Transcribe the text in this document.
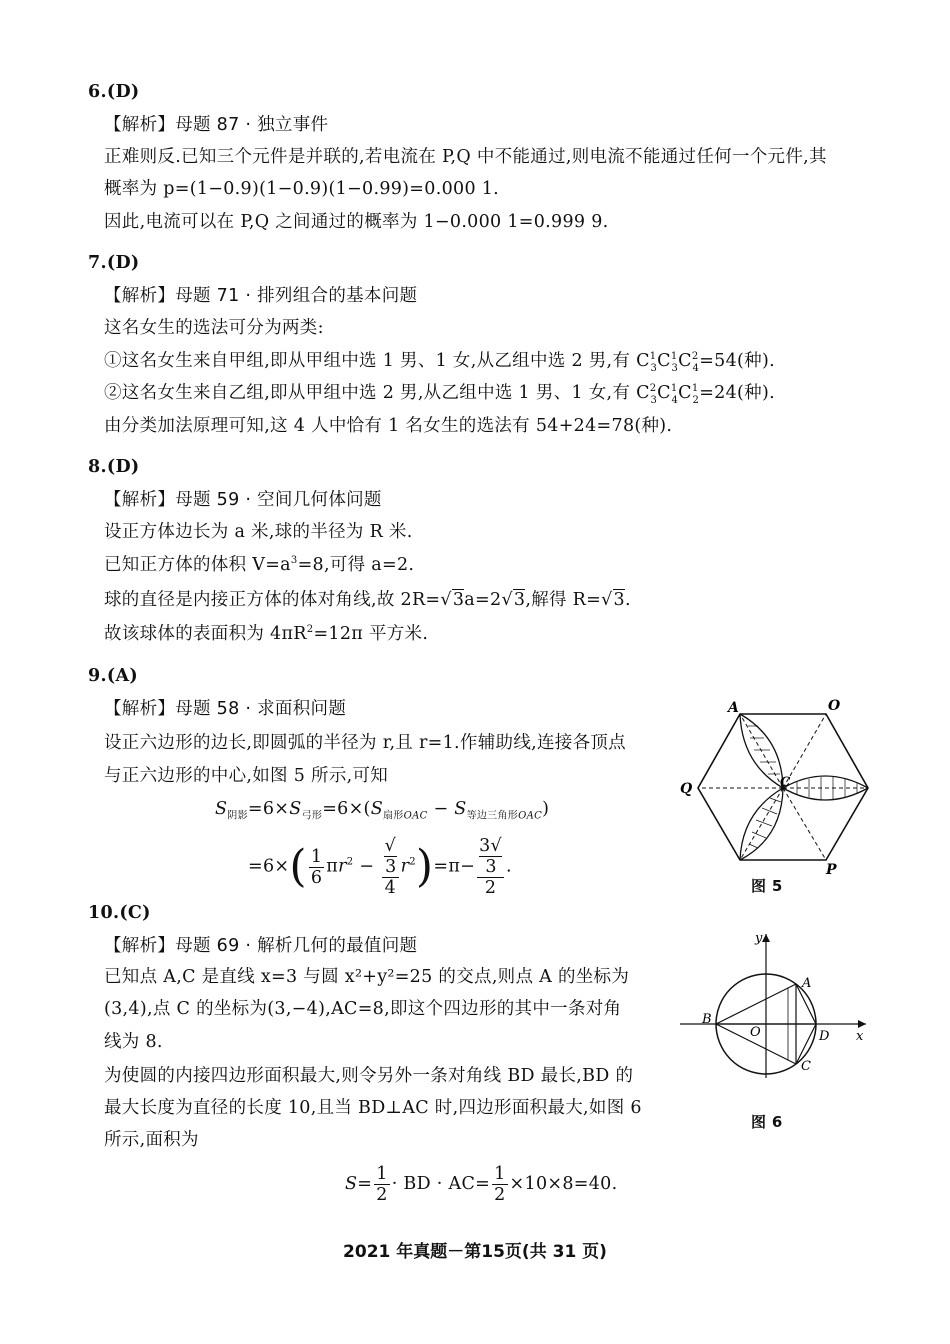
6.(D)
【解析】母题 87 · 独立事件
正难则反.已知三个元件是并联的,若电流在 P,Q 中不能通过,则电流不能通过任何一个元件,其
概率为 p=(1−0.9)(1−0.9)(1−0.99)=0.000 1.
因此,电流可以在 P,Q 之间通过的概率为 1−0.000 1=0.999 9.
7.(D)
【解析】母题 71 · 排列组合的基本问题
这名女生的选法可分为两类:
①这名女生来自甲组,即从甲组中选 1 男、1 女,从乙组中选 2 男,有 $C^1_3C^1_3C^2_4=54$(种).
②这名女生来自乙组,即从甲组中选 2 男,从乙组中选 1 男、1 女,有 $C^2_3C^1_4C^1_2=24$(种).
由分类加法原理可知,这 4 人中恰有 1 名女生的选法有 54+24=78(种).
8.(D)
【解析】母题 59 · 空间几何体问题
设正方体边长为 a 米,球的半径为 R 米.
已知正方体的体积 $V=a^3=8$,可得 a=2.
球的直径是内接正方体的体对角线,故 2R=√3a=2√3,解得 R=√3.
故该球体的表面积为 $4\pi R^2=12\pi$ 平方米.
9.(A)
【解析】母题 58 · 求面积问题
设正六边形的边长,即圆弧的半径为 r,且 r=1.作辅助线,连接各顶点
与正六边形的中心,如图 5 所示,可知
$S_{阴影}=6\times S_{弓形}=6\times(S_{扇形OAC} - S_{等边三角形OAC})$
$=6\times( \frac{1}{6} \pi r^2$ − √
3
4 $r^2)=\pi- 3√$
3
2 .
A	O
Q	C
P
图 5
10.(C)
【解析】母题 69 · 解析几何的最值问题
已知点 A,C 是直线 x=3 与圆 x²+y²=25 的交点,则点 A 的坐标为
(3,4),点 C 的坐标为(3,−4),AC=8,即这个四边形的其中一条对角
线为 8.
为使圆的内接四边形面积最大,则令另外一条对角线 BD 最长,BD 的
最大长度为直径的长度 10,且当 BD⊥AC 时,四边形面积最大,如图 6
所示,面积为
$S= \frac{1}{2}$ · BD · $AC= \frac{1}{2} \times 10\times 8=40$.
y
x
A
B
O	D
C
图 6
2021 年真题－第15页(共 31 页)
